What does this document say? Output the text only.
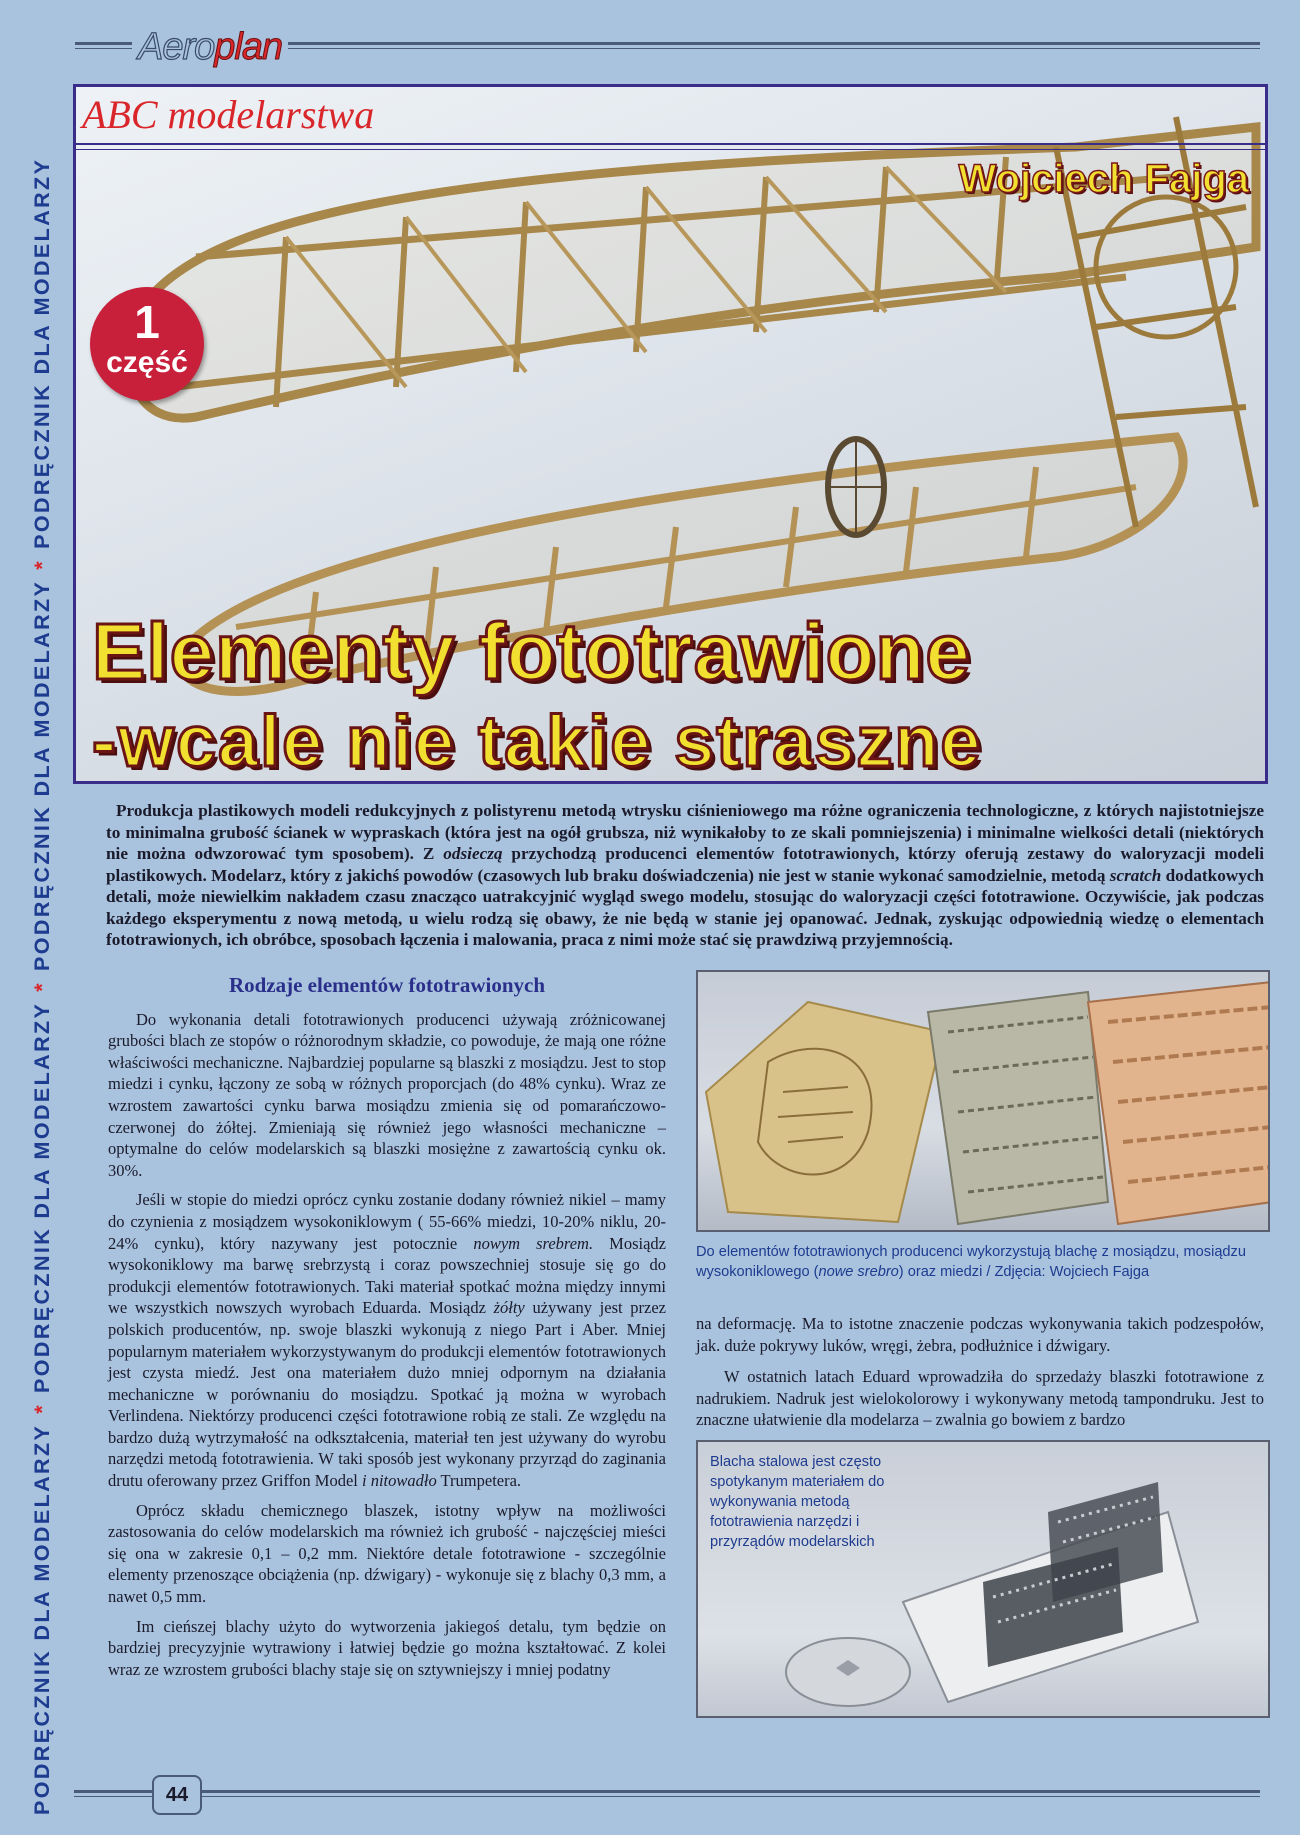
PODRĘCZNIK DLA MODELARZY*PODRĘCZNIK DLA MODELARZY*PODRĘCZNIK DLA MODELARZY*PODRĘCZNIK DLA MODELARZY
Aeroplan
ABC modelarstwa
Wojciech Fajga
1
część
Elementy fototrawione
-wcale nie takie straszne

Produkcja plastikowych modeli redukcyjnych z polistyrenu metodą wtrysku ciśnieniowego ma różne ograniczenia technologiczne, z których najistotniejsze to minimalna grubość ścianek w wypraskach (która jest na ogół grubsza, niż wynikałoby to ze skali pomniejszenia) i minimalne wielkości detali (niektórych nie można odwzorować tym sposobem). Z odsieczą przychodzą producenci elementów fototrawionych, którzy oferują zestawy do waloryzacji modeli plastikowych. Modelarz, który z jakichś powodów (czasowych lub braku doświadczenia) nie jest w stanie wykonać samodzielnie, metodą scratch dodatkowych detali, może niewielkim nakładem czasu znacząco uatrakcyjnić wygląd swego modelu, stosując do waloryzacji części fototrawione. Oczywiście, jak podczas każdego eksperymentu z nową metodą, u wielu rodzą się obawy, że nie będą w stanie jej opanować. Jednak, zyskując odpowiednią wiedzę o elementach fototrawionych, ich obróbce, sposobach łączenia i malowania, praca z nimi może stać się prawdziwą przyjemnością.

Rodzaje elementów fototrawionych

Do wykonania detali fototrawionych producenci używają zróżnicowanej grubości blach ze stopów o różnorodnym składzie, co powoduje, że mają one różne właściwości mechaniczne. Najbardziej popularne są blaszki z mosiądzu. Jest to stop miedzi i cynku, łączony ze sobą w różnych proporcjach (do 48% cynku). Wraz ze wzrostem zawartości cynku barwa mosiądzu zmienia się od pomarańczowo-czerwonej do żółtej. Zmieniają się również jego własności mechaniczne – optymalne do celów modelarskich są blaszki mosiężne z zawartością cynku ok. 30%.

Jeśli w stopie do miedzi oprócz cynku zostanie dodany również nikiel – mamy do czynienia z mosiądzem wysokoniklowym ( 55-66% miedzi, 10-20% niklu, 20-24% cynku), który nazywany jest potocznie nowym srebrem. Mosiądz wysokoniklowy ma barwę srebrzystą i coraz powszechniej stosuje się go do produkcji elementów fototrawionych. Taki materiał spotkać można między innymi we wszystkich nowszych wyrobach Eduarda. Mosiądz żółty używany jest przez polskich producentów, np. swoje blaszki wykonują z niego Part i Aber. Mniej popularnym materiałem wykorzystywanym do produkcji elementów fototrawionych jest czysta miedź. Jest ona materiałem dużo mniej odpornym na działania mechaniczne w porównaniu do mosiądzu. Spotkać ją można w wyrobach Verlindena. Niektórzy producenci części fototrawione robią ze stali. Ze względu na bardzo dużą wytrzymałość na odkształcenia, materiał ten jest używany do wyrobu narzędzi metodą fototrawienia. W taki sposób jest wykonany przyrząd do zaginania drutu oferowany przez Griffon Model i nitowadło Trumpetera.

Oprócz składu chemicznego blaszek, istotny wpływ na możliwości zastosowania do celów modelarskich ma również ich grubość - najczęściej mieści się ona w zakresie 0,1 – 0,2 mm. Niektóre detale fototrawione - szczególnie elementy przenoszące obciążenia (np. dźwigary) - wykonuje się z blachy 0,3 mm, a nawet 0,5 mm.

Im cieńszej blachy użyto do wytworzenia jakiegoś detalu, tym będzie on bardziej precyzyjnie wytrawiony i łatwiej będzie go można kształtować. Z kolei wraz ze wzrostem grubości blachy staje się on sztywniejszy i mniej podatny

Do elementów fototrawionych producenci wykorzystują blachę z mosiądzu, mosiądzu wysokoniklowego (nowe srebro) oraz miedzi / Zdjęcia: Wojciech Fajga

na deformację. Ma to istotne znaczenie podczas wykonywania takich podzespołów, jak. duże pokrywy luków, wręgi, żebra, podłużnice i dźwigary.

W ostatnich latach Eduard wprowadziła do sprzedaży blaszki fototrawione z nadrukiem. Nadruk jest wielokolorowy i wykonywany metodą tampondruku. Jest to znaczne ułatwienie dla modelarza – zwalnia go bowiem z bardzo

Blacha stalowa jest często spotykanym materiałem do wykonywania metodą fototrawienia narzędzi i przyrządów modelarskich
44
